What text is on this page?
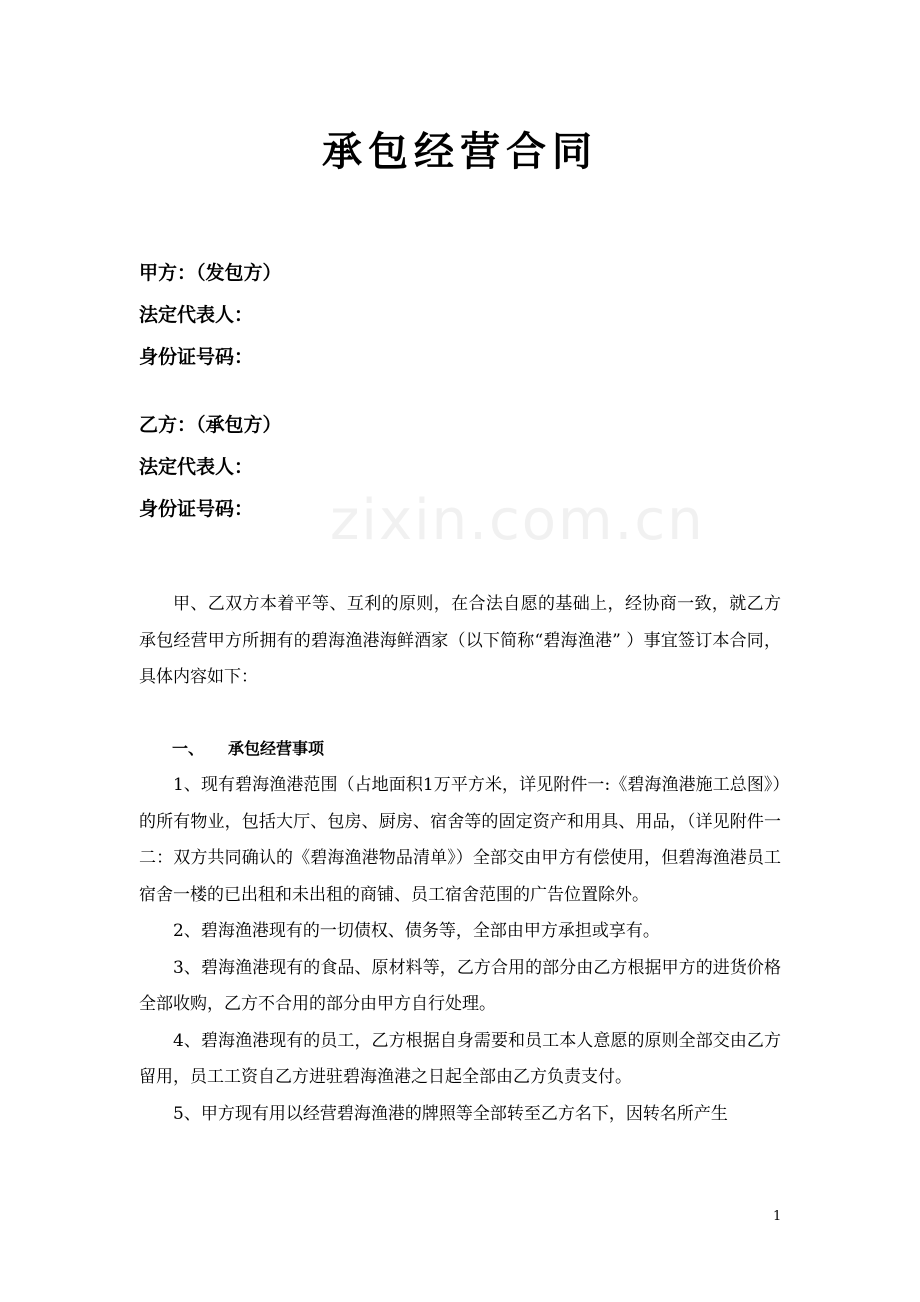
zixin.com.cn
承包经营合同
甲方：（发包方）
法定代表人：
身份证号码：
乙方：（承包方）
法定代表人：
身份证号码：

甲、乙双方本着平等、互利的原则，在合法自愿的基础上，经协商一致，就乙方承包经营甲方所拥有的碧海渔港海鲜酒家（以下简称“碧海渔港” ）事宜签订本合同，具体内容如下：

一、 承包经营事项

1、现有碧海渔港范围（占地面积1万平方米，详见附件一:《碧海渔港施工总图》）的所有物业，包括大厅、包房、厨房、宿舍等的固定资产和用具、用品，（详见附件一二：双方共同确认的《碧海渔港物品清单》）全部交由甲方有偿使用，但碧海渔港员工宿舍一楼的已出租和未出租的商铺、员工宿舍范围的广告位置除外。

2、碧海渔港现有的一切债权、债务等，全部由甲方承担或享有。

3、碧海渔港现有的食品、原材料等，乙方合用的部分由乙方根据甲方的进货价格全部收购，乙方不合用的部分由甲方自行处理。

4、碧海渔港现有的员工，乙方根据自身需要和员工本人意愿的原则全部交由乙方留用，员工工资自乙方进驻碧海渔港之日起全部由乙方负责支付。

5、甲方现有用以经营碧海渔港的牌照等全部转至乙方名下，因转名所产生

1
